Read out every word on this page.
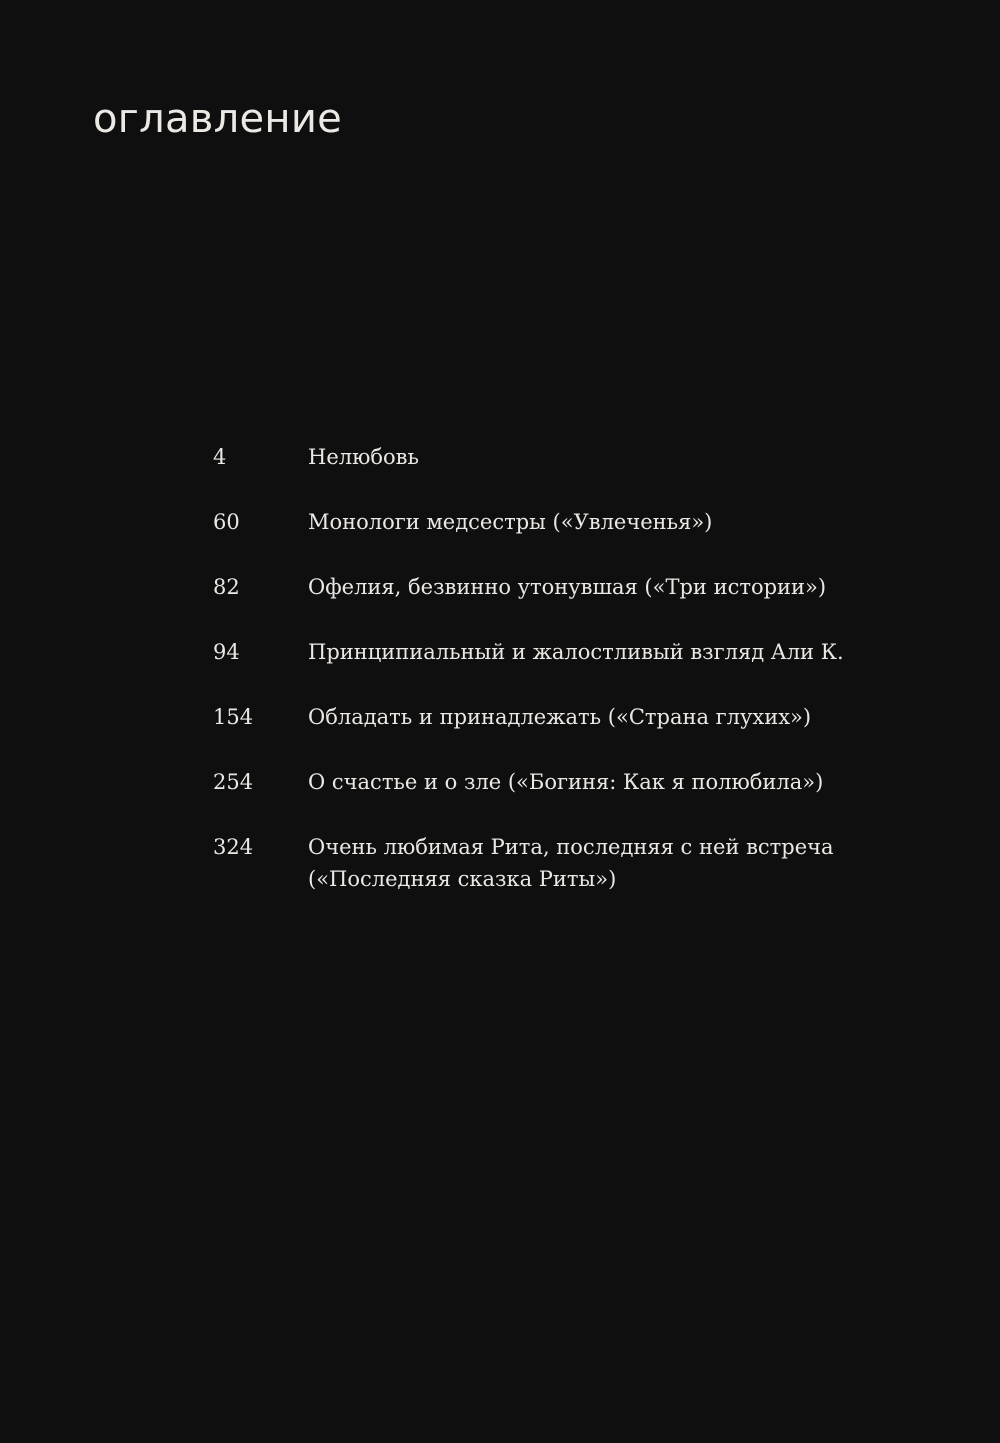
оглавление
4	Нелюбовь
60	Монологи медсестры («Увлеченья»)
82	Офелия, безвинно утонувшая («Три истории»)
94	Принципиальный и жалостливый взгляд Али К.
154	Обладать и принадлежать («Страна глухих»)
254	О счастье и о зле («Богиня: Как я полюбила»)
324	Очень любимая Рита, последняя с ней встреча
(«Последняя сказка Риты»)
